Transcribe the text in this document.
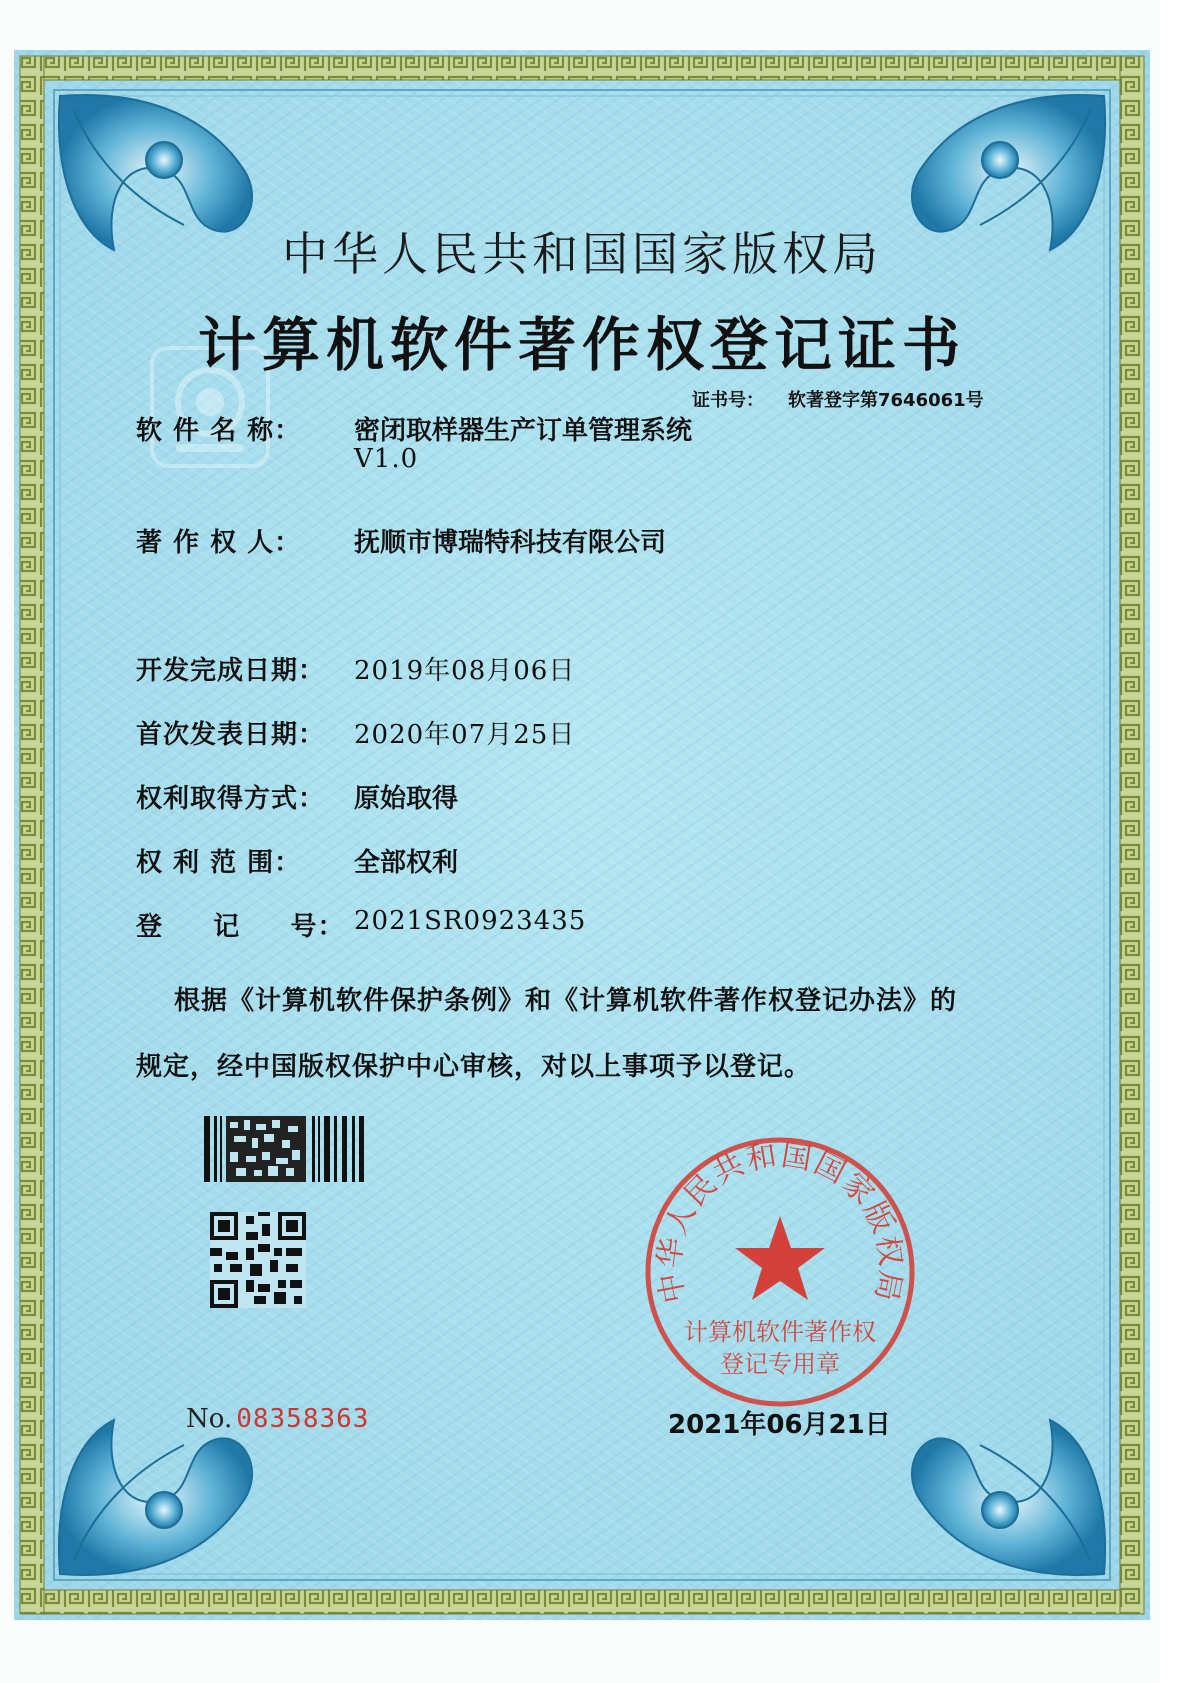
中华人民共和国国家版权局
计算机软件著作权登记证书
证书号： 软著登字第7646061号
软 件 名 称： 密闭取样器生产订单管理系统
V1.0
著 作 权 人： 抚顺市博瑞特科技有限公司
开发完成日期： 2019年08月06日
首次发表日期： 2020年07月25日
权利取得方式： 原始取得
权 利 范 围： 全部权利
登     记     号： 2021SR0923435
根据《计算机软件保护条例》和《计算机软件著作权登记办法》的
规定，经中国版权保护中心审核，对以上事项予以登记。
No. 08358363
中华人民共和国国家版权局
计算机软件著作权
登记专用章
2021年06月21日
